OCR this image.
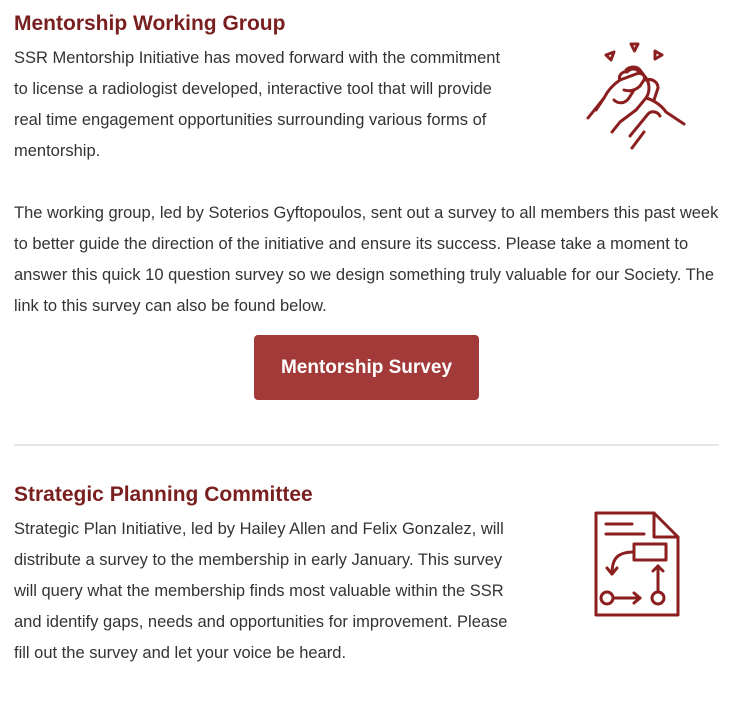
Mentorship Working Group

SSR Mentorship Initiative has moved forward with the commitment to license a radiologist developed, interactive tool that will provide real time engagement opportunities surrounding various forms of mentorship.

The working group, led by Soterios Gyftopoulos, sent out a survey to all members this past week to better guide the direction of the initiative and ensure its success. Please take a moment to answer this quick 10 question survey so we design something truly valuable for our Society. The link to this survey can also be found below.

Mentorship Survey
Strategic Planning Committee

Strategic Plan Initiative, led by Hailey Allen and Felix Gonzalez, will distribute a survey to the membership in early January. This survey will query what the membership finds most valuable within the SSR and identify gaps, needs and opportunities for improvement. Please fill out the survey and let your voice be heard.
